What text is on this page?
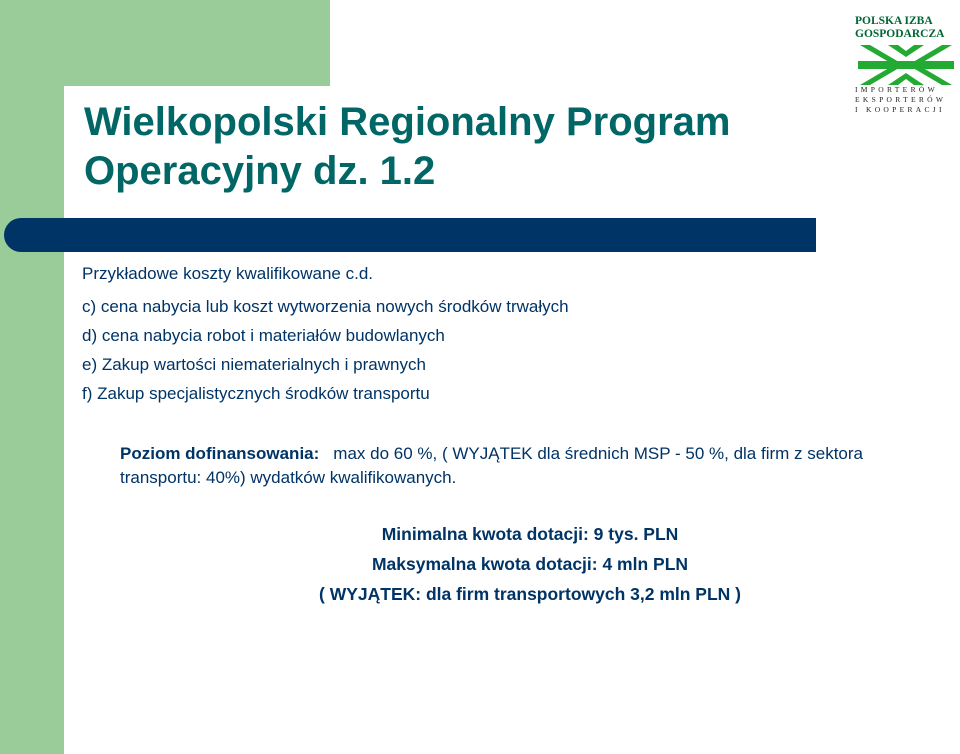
Wielkopolski Regionalny Program Operacyjny dz. 1.2
POLSKA IZBA
GOSPODARCZA
IMPORTERÓW
EKSPORTERÓW
I KOOPERACJI

Przykładowe koszty kwalifikowane c.d.

c) cena nabycia lub koszt wytworzenia nowych środków trwałych
d) cena nabycia robot i materiałów budowlanych
e) Zakup wartości niematerialnych i prawnych
f) Zakup specjalistycznych środków transportu
Poziom dofinansowania: max do 60 %, ( WYJĄTEK dla średnich MSP - 50 %, dla firm z sektora transportu: 40%) wydatków kwalifikowanych.
Minimalna kwota dotacji: 9 tys. PLN
Maksymalna kwota dotacji: 4 mln PLN
( WYJĄTEK: dla firm transportowych 3,2 mln PLN )
